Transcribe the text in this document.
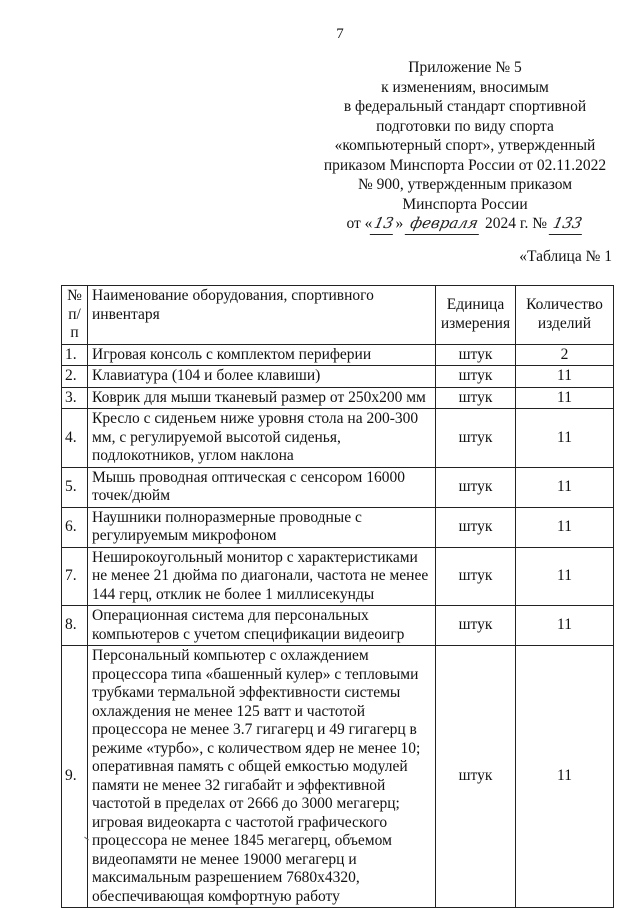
7
Приложение № 5
к изменениям, вносимым
в федеральный стандарт спортивной
подготовки по виду спорта
«компьютерный спорт», утвержденный
приказом Минспорта России от 02.11.2022
№ 900, утвержденным приказом
Минспорта России
от «13» февраля 2024 г. № 133
«Таблица № 1
№ п/п	Наименование оборудования, спортивного инвентаря	Единица измерения	Количество изделий
1.	Игровая консоль с комплектом периферии	штук	2
2.	Клавиатура (104 и более клавиши)	штук	11
3.	Коврик для мыши тканевый размер от 250х200 мм	штук	11
4.	Кресло с сиденьем ниже уровня стола на 200-300 мм, с регулируемой высотой сиденья, подлокотников, углом наклона	штук	11
5.	Мышь проводная оптическая с сенсором 16000 точек/дюйм	штук	11
6.	Наушники полноразмерные проводные с регулируемым микрофоном	штук	11
7.	Неширокоугольный монитор с характеристиками не менее 21 дюйма по диагонали, частота не менее 144 герц, отклик не более 1 миллисекунды	штук	11
8.	Операционная система для персональных компьютеров с учетом спецификации видеоигр	штук	11
9.	Персональный компьютер с охлаждением процессора типа «башенный кулер» с тепловыми трубками термальной эффективности системы охлаждения не менее 125 ватт и частотой процессора не менее 3.7 гигагерц и 49 гигагерц в режиме «турбо», с количеством ядер не менее 10; оперативная память с общей емкостью модулей памяти не менее 32 гигабайт и эффективной частотой в пределах от 2666 до 3000 мегагерц; игровая видеокарта с частотой графического процессора не менее 1845 мегагерц, объемом видеопамяти не менее 19000 мегагерц и максимальным разрешением 7680х4320, обеспечивающая комфортную работу	штук	11
